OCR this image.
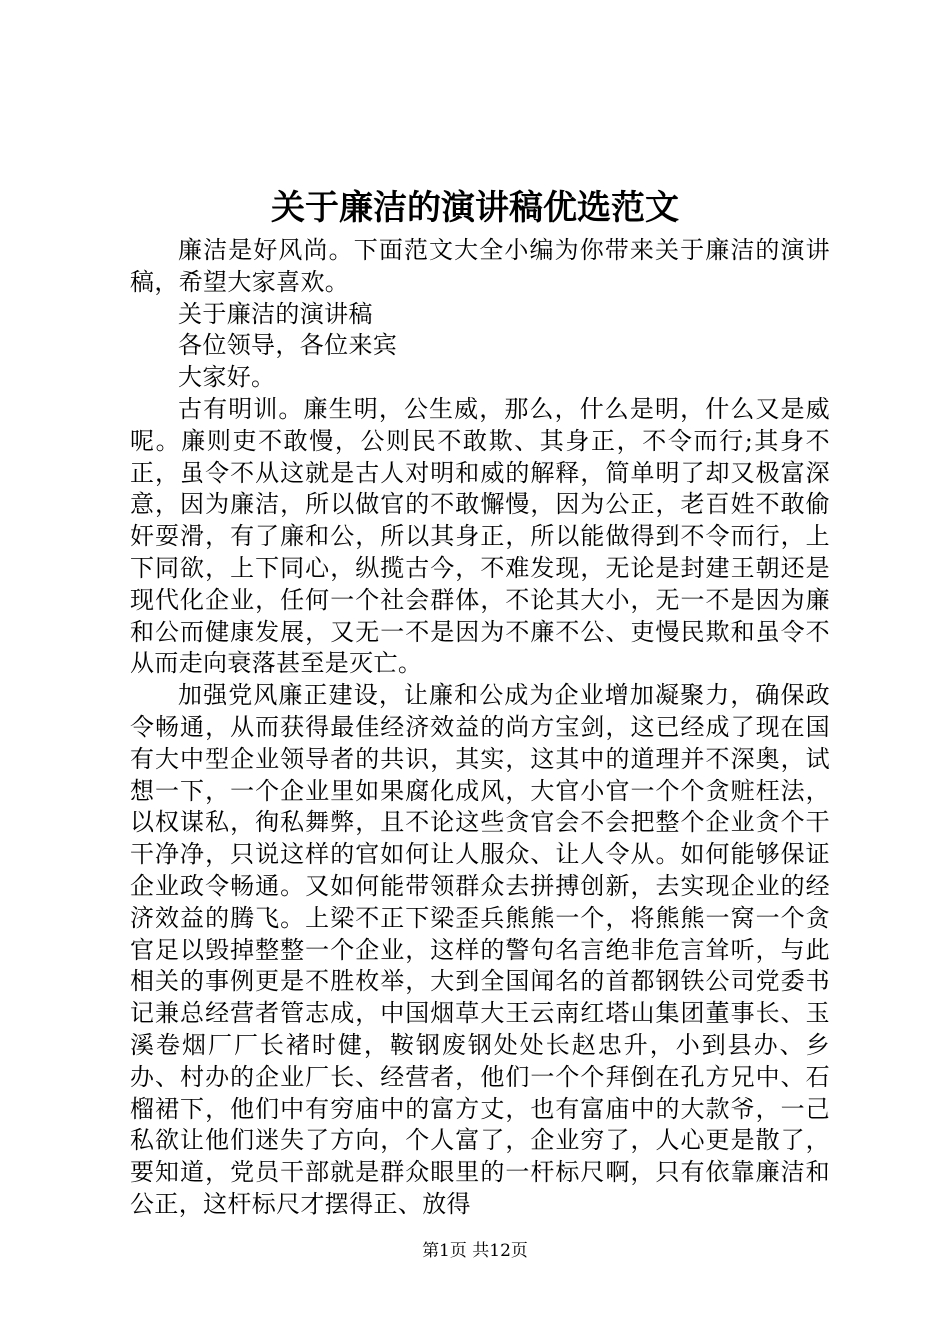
关于廉洁的演讲稿优选范文

廉洁是好风尚。下面范文大全小编为你带来关于廉洁的演讲稿，希望大家喜欢。

关于廉洁的演讲稿

各位领导，各位来宾

大家好。

古有明训。廉生明，公生威，那么，什么是明，什么又是威呢。廉则吏不敢慢，公则民不敢欺、其身正，不令而行;其身不正，虽令不从这就是古人对明和威的解释，简单明了却又极富深意，因为廉洁，所以做官的不敢懈慢，因为公正，老百姓不敢偷奸耍滑，有了廉和公，所以其身正，所以能做得到不令而行，上下同欲，上下同心，纵揽古今，不难发现，无论是封建王朝还是现代化企业，任何一个社会群体，不论其大小，无一不是因为廉和公而健康发展，又无一不是因为不廉不公、吏慢民欺和虽令不从而走向衰落甚至是灭亡。

加强党风廉正建设，让廉和公成为企业增加凝聚力，确保政令畅通，从而获得最佳经济效益的尚方宝剑，这已经成了现在国有大中型企业领导者的共识，其实，这其中的道理并不深奥，试想一下，一个企业里如果腐化成风，大官小官一个个贪赃枉法，以权谋私，徇私舞弊，且不论这些贪官会不会把整个企业贪个干干净净，只说这样的官如何让人服众、让人令从。如何能够保证企业政令畅通。又如何能带领群众去拼搏创新，去实现企业的经济效益的腾飞。上梁不正下梁歪兵熊熊一个，将熊熊一窝一个贪官足以毁掉整整一个企业，这样的警句名言绝非危言耸听，与此相关的事例更是不胜枚举，大到全国闻名的首都钢铁公司党委书记兼总经营者管志成，中国烟草大王云南红塔山集团董事长、玉溪卷烟厂厂长褚时健，鞍钢废钢处处长赵忠升，小到县办、乡办、村办的企业厂长、经营者，他们一个个拜倒在孔方兄中、石榴裙下，他们中有穷庙中的富方丈，也有富庙中的大款爷，一己私欲让他们迷失了方向，个人富了，企业穷了，人心更是散了，要知道，党员干部就是群众眼里的一杆标尺啊，只有依靠廉洁和公正，这杆标尺才摆得正、放得

第1页 共12页
